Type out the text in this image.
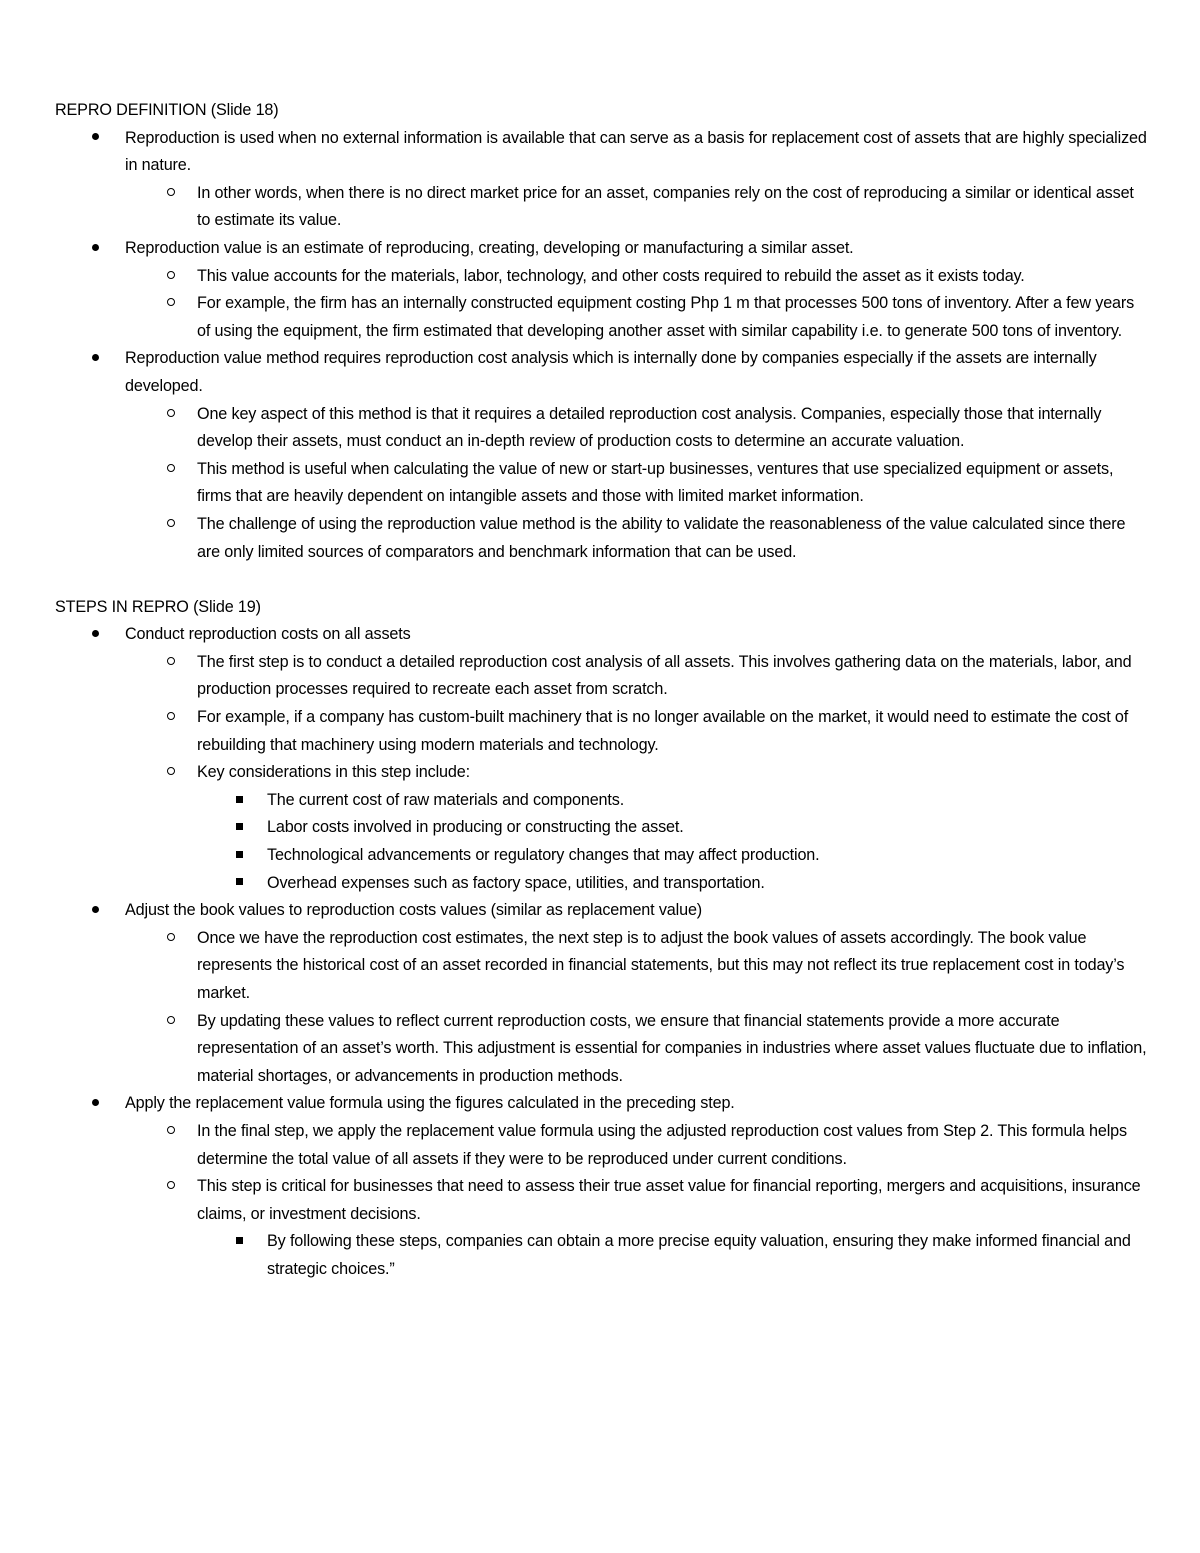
REPRO DEFINITION (Slide 18)

Reproduction is used when no external information is available that can serve as a basis for replacement cost of assets that are highly specialized in nature.
In other words, when there is no direct market price for an asset, companies rely on the cost of reproducing a similar or identical asset to estimate its value.
Reproduction value is an estimate of reproducing, creating, developing or manufacturing a similar asset.
This value accounts for the materials, labor, technology, and other costs required to rebuild the asset as it exists today.
For example, the firm has an internally constructed equipment costing Php 1 m that processes 500 tons of inventory. After a few years of using the equipment, the firm estimated that developing another asset with similar capability i.e. to generate 500 tons of inventory.
Reproduction value method requires reproduction cost analysis which is internally done by companies especially if the assets are internally developed.
One key aspect of this method is that it requires a detailed reproduction cost analysis. Companies, especially those that internally develop their assets, must conduct an in-depth review of production costs to determine an accurate valuation.
This method is useful when calculating the value of new or start-up businesses, ventures that use specialized equipment or assets, firms that are heavily dependent on intangible assets and those with limited market information.
The challenge of using the reproduction value method is the ability to validate the reasonableness of the value calculated since there are only limited sources of comparators and benchmark information that can be used.

STEPS IN REPRO (Slide 19)

Conduct reproduction costs on all assets
The first step is to conduct a detailed reproduction cost analysis of all assets. This involves gathering data on the materials, labor, and production processes required to recreate each asset from scratch.
For example, if a company has custom-built machinery that is no longer available on the market, it would need to estimate the cost of rebuilding that machinery using modern materials and technology.
Key considerations in this step include:
The current cost of raw materials and components.
Labor costs involved in producing or constructing the asset.
Technological advancements or regulatory changes that may affect production.
Overhead expenses such as factory space, utilities, and transportation.
Adjust the book values to reproduction costs values (similar as replacement value)
Once we have the reproduction cost estimates, the next step is to adjust the book values of assets accordingly. The book value represents the historical cost of an asset recorded in financial statements, but this may not reflect its true replacement cost in today’s market.
By updating these values to reflect current reproduction costs, we ensure that financial statements provide a more accurate representation of an asset’s worth. This adjustment is essential for companies in industries where asset values fluctuate due to inflation, material shortages, or advancements in production methods.
Apply the replacement value formula using the figures calculated in the preceding step.
In the final step, we apply the replacement value formula using the adjusted reproduction cost values from Step 2. This formula helps determine the total value of all assets if they were to be reproduced under current conditions.
This step is critical for businesses that need to assess their true asset value for financial reporting, mergers and acquisitions, insurance claims, or investment decisions.
By following these steps, companies can obtain a more precise equity valuation, ensuring they make informed financial and strategic choices.”
